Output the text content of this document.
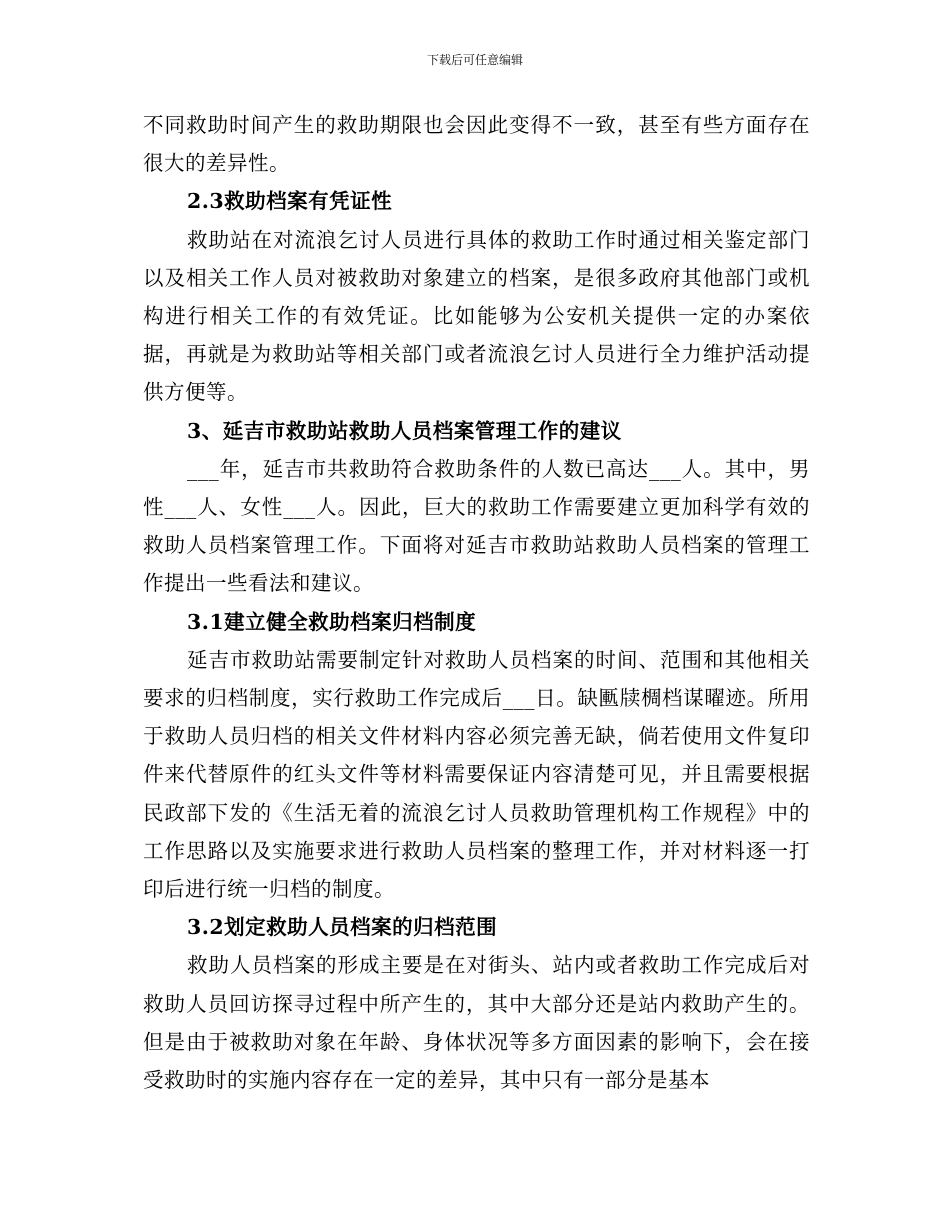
下载后可任意编辑

不同救助时间产生的救助期限也会因此变得不一致，甚至有些方面存在很大的差异性。

2.3救助档案有凭证性

救助站在对流浪乞讨人员进行具体的救助工作时通过相关鉴定部门以及相关工作人员对被救助对象建立的档案，是很多政府其他部门或机构进行相关工作的有效凭证。比如能够为公安机关提供一定的办案依据，再就是为救助站等相关部门或者流浪乞讨人员进行全力维护活动提供方便等。

3、延吉市救助站救助人员档案管理工作的建议

___年，延吉市共救助符合救助条件的人数已高达___人。其中，男性___人、女性___人。因此，巨大的救助工作需要建立更加科学有效的救助人员档案管理工作。下面将对延吉市救助站救助人员档案的管理工作提出一些看法和建议。

3.1建立健全救助档案归档制度

延吉市救助站需要制定针对救助人员档案的时间、范围和其他相关要求的归档制度，实行救助工作完成后___日。缺匭牍椆档谋曜迹。所用于救助人员归档的相关文件材料内容必须完善无缺，倘若使用文件复印件来代替原件的红头文件等材料需要保证内容清楚可见，并且需要根据民政部下发的《生活无着的流浪乞讨人员救助管理机构工作规程》中的工作思路以及实施要求进行救助人员档案的整理工作，并对材料逐一打印后进行统一归档的制度。

3.2划定救助人员档案的归档范围

救助人员档案的形成主要是在对街头、站内或者救助工作完成后对救助人员回访探寻过程中所产生的，其中大部分还是站内救助产生的。但是由于被救助对象在年龄、身体状况等多方面因素的影响下，会在接受救助时的实施内容存在一定的差异，其中只有一部分是基本
